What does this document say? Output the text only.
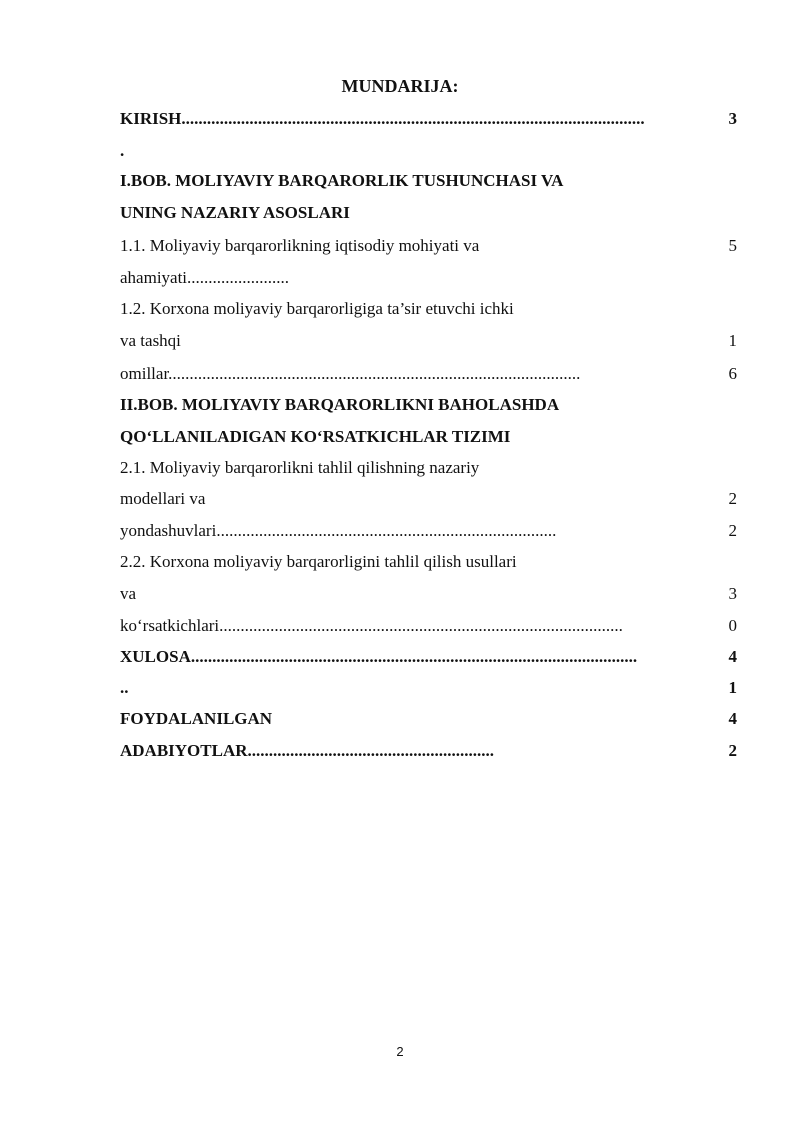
MUNDARIJA:
KIRISH.............................................................................................................	3
.
I.BOB. MOLIYAVIY BARQARORLIK TUSHUNCHASI VA
UNING NAZARIY ASOSLARI
1.1. Moliyaviy barqarorlikning iqtisodiy mohiyati va	5
ahamiyati........................
1.2. Korxona moliyaviy barqarorligiga ta’sir etuvchi ichki
va tashqi	1
omillar.................................................................................................	6
II.BOB. MOLIYAVIY BARQARORLIKNI BAHOLASHDA
QO‘LLANILADIGAN KO‘RSATKICHLAR TIZIMI
2.1. Moliyaviy barqarorlikni tahlil qilishning nazariy
modellari va	2
yondashuvlari................................................................................	2
2.2. Korxona moliyaviy barqarorligini tahlil qilish usullari
va	3
ko‘rsatkichlari...............................................................................................	0
XULOSA.........................................................................................................	4
..	1
FOYDALANILGAN	4
ADABIYOTLAR..........................................................	2
2
